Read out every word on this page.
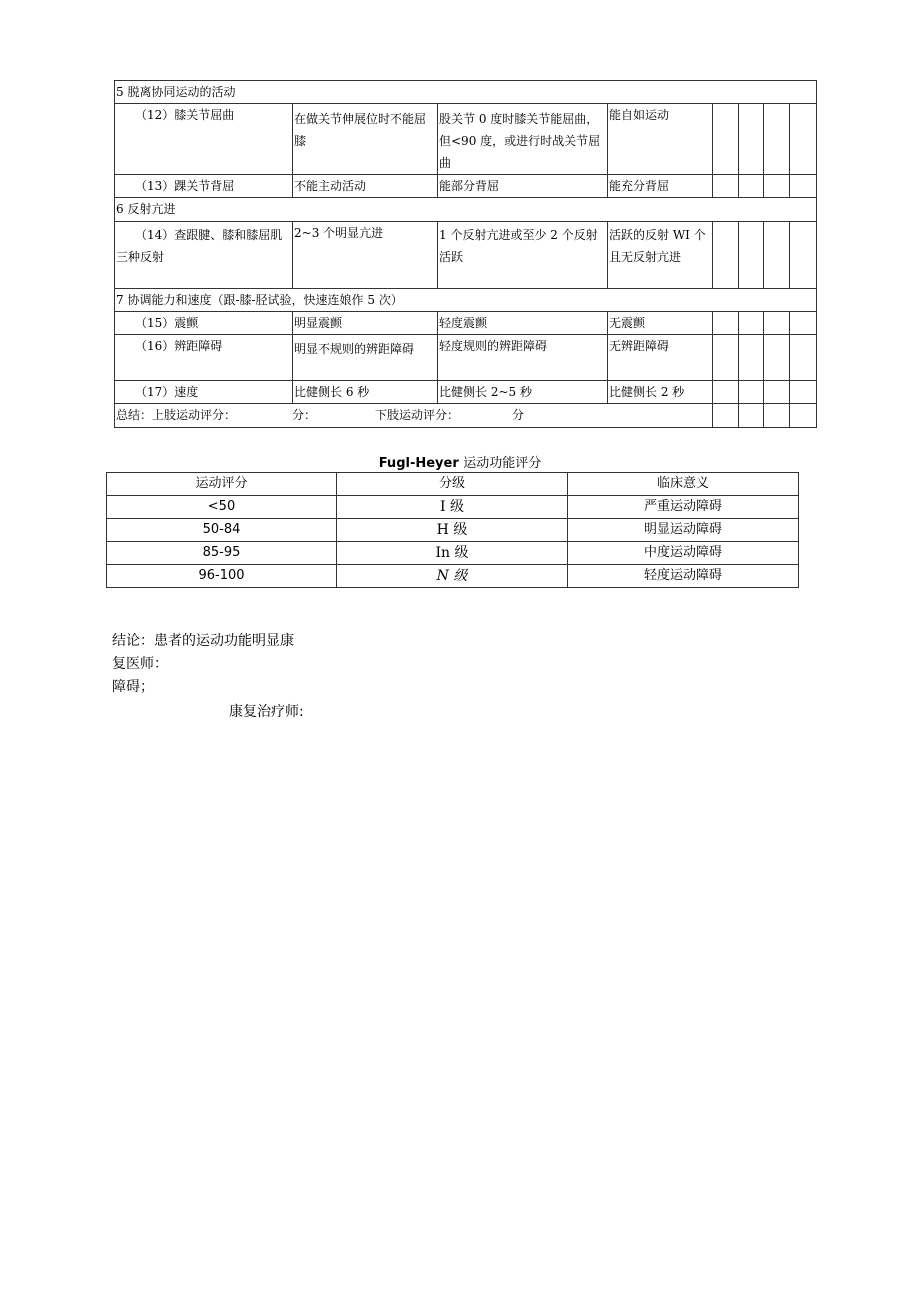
5 脱离协同运动的活动							
（12）膝关节屈曲	在做关节伸展位时不能屈膝	股关节 0 度时膝关节能屈曲，但<90 度，或进行时战关节屈曲	能自如运动				
（13）踝关节背屈	不能主动活动	能部分背屈	能充分背屈				
6 反射亢进							
（14）查跟腱、膝和膝屈肌三种反射	2~3 个明显亢进	1 个反射亢进或至少 2 个反射活跃	活跃的反射 WI 个且无反射亢进				
7 协调能力和速度（跟-膝-胫试验，快速连娘作 5 次）							
（15）震颤	明显震颤	轻度震颤	无震颤				
（16）辨距障碍	明显不规则的辨距障碍	轻度规则的辨距障碍	无辨距障碍				
（17）速度	比健侧长 6 秒	比健侧长 2~5 秒	比健侧长 2 秒				
总结：上肢运动评分： 分： 下肢运动评分： 分							

Fugl-Heyer 运动功能评分
运动评分	分级	临床意义
<50	I 级	严重运动障碍
50-84	H 级	明显运动障碍
85-95	In 级	中度运动障碍
96-100	N 级	轻度运动障碍
结论：患者的运动功能明显康
复医师：
障碍；
康复治疗师:
